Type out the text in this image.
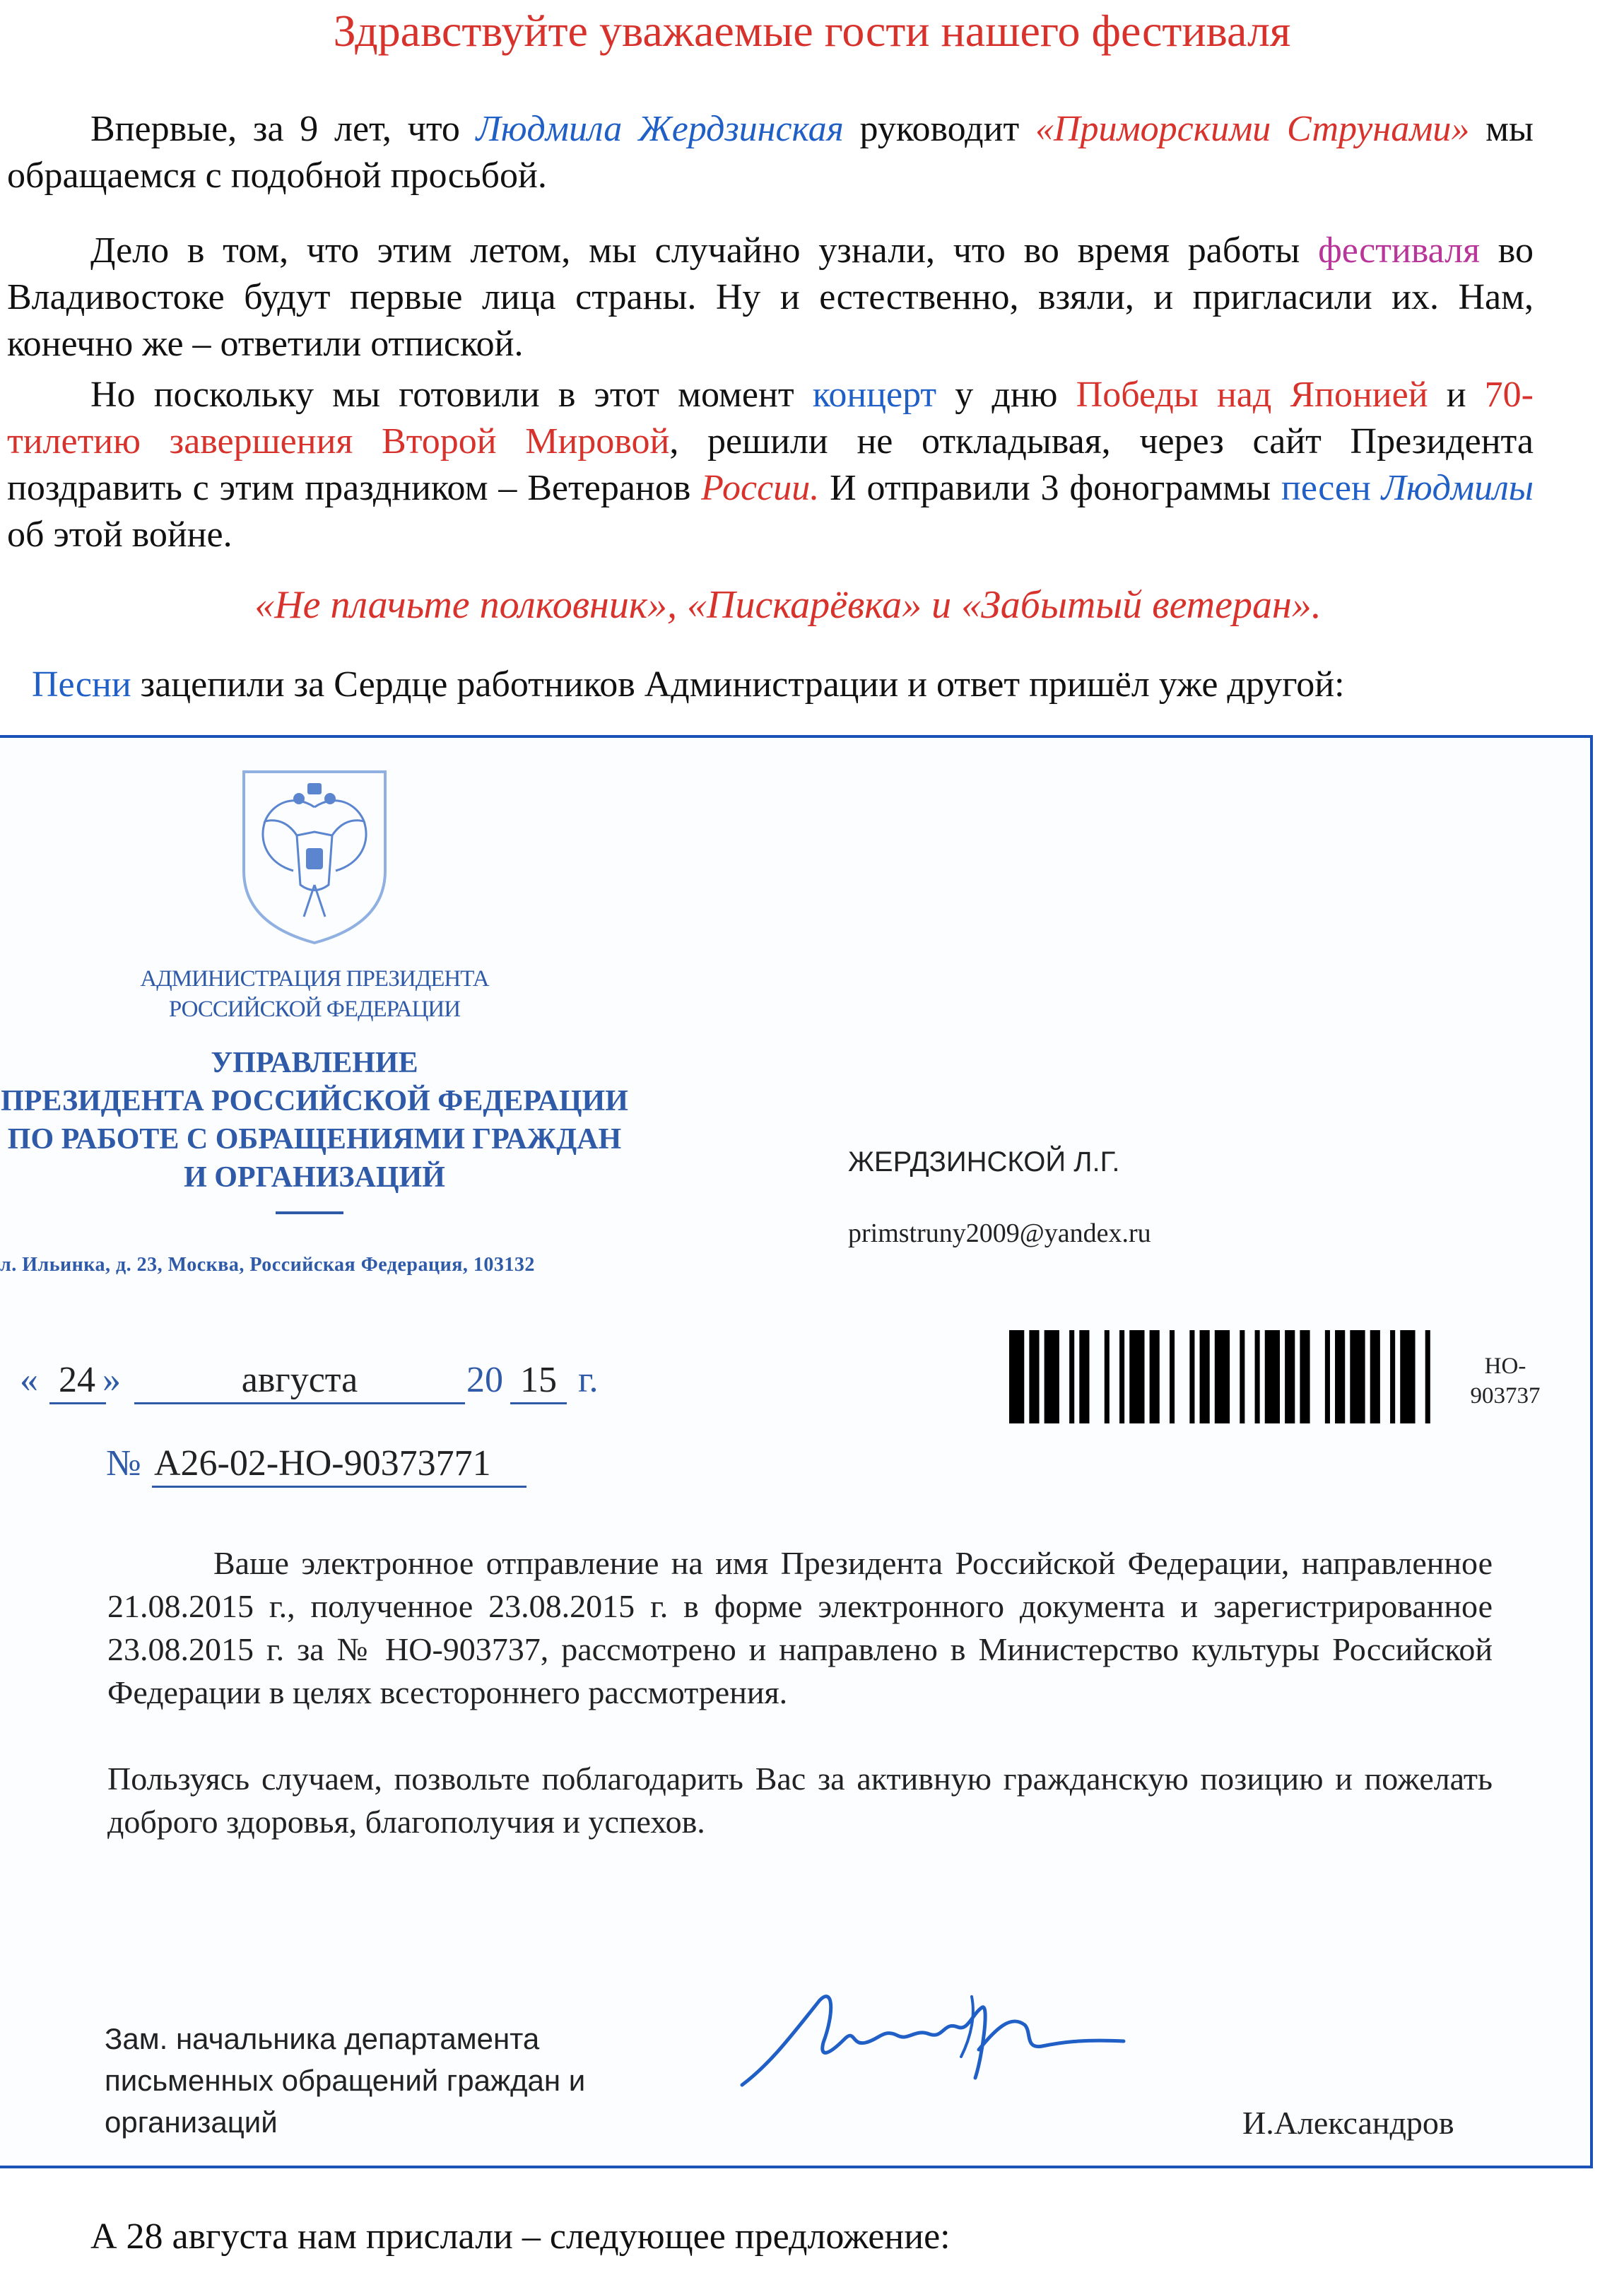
Здравствуйте уважаемые гости нашего фестиваля

Впервые, за 9 лет, что Людмила Жердзинская руководит «Приморскими Струнами» мы обращаемся с подобной просьбой.

Дело в том, что этим летом, мы случайно узнали, что во время работы фестиваля во Владивостоке будут первые лица страны. Ну и естественно, взяли, и пригласили их. Нам, конечно же – ответили отпиской.

Но поскольку мы готовили в этот момент концерт у дню Победы над Японией и 70-тилетию завершения Второй Мировой, решили не откладывая, через сайт Президента поздравить с этим праздником – Ветеранов России. И отправили 3 фонограммы песен Людмилы об этой войне.

«Не плачьте полковник», «Пискарёвка» и «Забытый ветеран».

Песни зацепили за Сердце работников Администрации и ответ пришёл уже другой:

АДМИНИСТРАЦИЯ ПРЕЗИДЕНТА
РОССИЙСКОЙ ФЕДЕРАЦИИ
УПРАВЛЕНИЕ
ПРЕЗИДЕНТА РОССИЙСКОЙ ФЕДЕРАЦИИ
ПО РАБОТЕ С ОБРАЩЕНИЯМИ ГРАЖДАН
И ОРГАНИЗАЦИЙ
л. Ильинка, д. 23, Москва, Российская Федерация, 103132
ЖЕРДЗИНСКОЙ Л.Г.
primstruny2009@yandex.ru
« 24 »	августа	20 15 г.
№ А26-02-НО-90373771
НО-
903737

Ваше электронное отправление на имя Президента Российской Федерации, направленное 21.08.2015 г., полученное 23.08.2015 г. в форме электронного документа и зарегистрированное 23.08.2015 г. за № НО-903737, рассмотрено и направлено в Министерство культуры Российской Федерации в целях всестороннего рассмотрения.

Пользуясь случаем, позвольте поблагодарить Вас за активную гражданскую позицию и пожелать доброго здоровья, благополучия и успехов.

Зам. начальника департамента
письменных обращений граждан и
организаций	И.Александров

А 28 августа нам прислали – следующее предложение:
